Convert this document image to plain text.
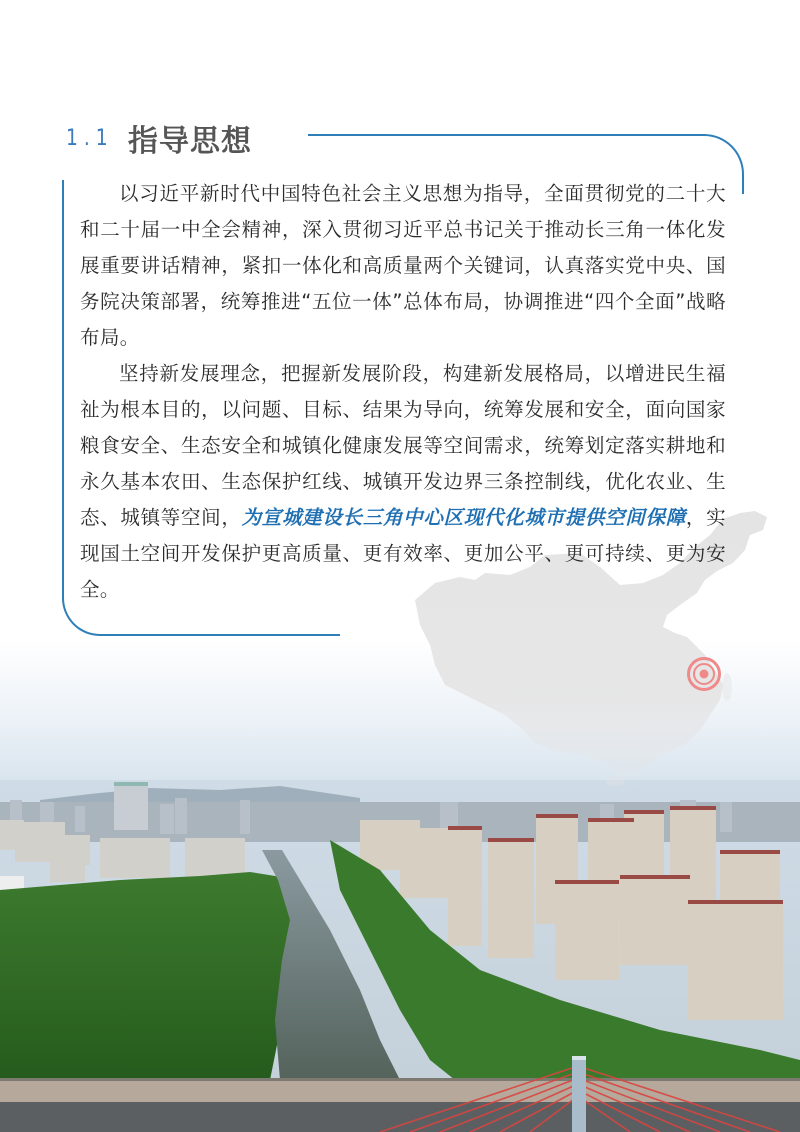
1.1 指导思想

以习近平新时代中国特色社会主义思想为指导，全面贯彻党的二十大和二十届一中全会精神，深入贯彻习近平总书记关于推动长三角一体化发展重要讲话精神，紧扣一体化和高质量两个关键词，认真落实党中央、国务院决策部署，统筹推进“五位一体”总体布局，协调推进“四个全面”战略布局。

坚持新发展理念，把握新发展阶段，构建新发展格局，以增进民生福祉为根本目的，以问题、目标、结果为导向，统筹发展和安全，面向国家粮食安全、生态安全和城镇化健康发展等空间需求，统筹划定落实耕地和永久基本农田、生态保护红线、城镇开发边界三条控制线，优化农业、生态、城镇等空间，为宣城建设长三角中心区现代化城市提供空间保障，实现国土空间开发保护更高质量、更有效率、更加公平、更可持续、更为安全。
